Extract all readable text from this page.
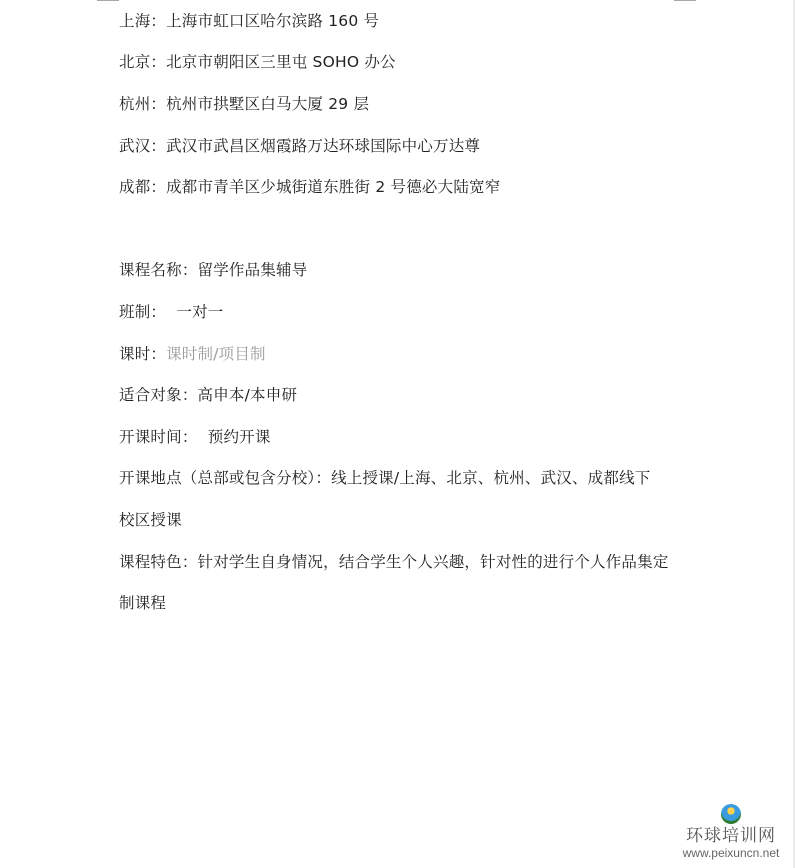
上海：上海市虹口区哈尔滨路 160 号
北京：北京市朝阳区三里屯 SOHO 办公
杭州：杭州市拱墅区白马大厦 29 层
武汉：武汉市武昌区烟霞路万达环球国际中心万达尊
成都：成都市青羊区少城街道东胜街 2 号德必大陆宽窄
课程名称：留学作品集辅导
班制：  一对一
课时：课时制/项目制
适合对象：高申本/本申研
开课时间：  预约开课
开课地点（总部或包含分校）：线上授课/上海、北京、杭州、武汉、成都线下
校区授课
课程特色：针对学生自身情况，结合学生个人兴趣，针对性的进行个人作品集定
制课程
环球培训网
www.peixuncn.net
